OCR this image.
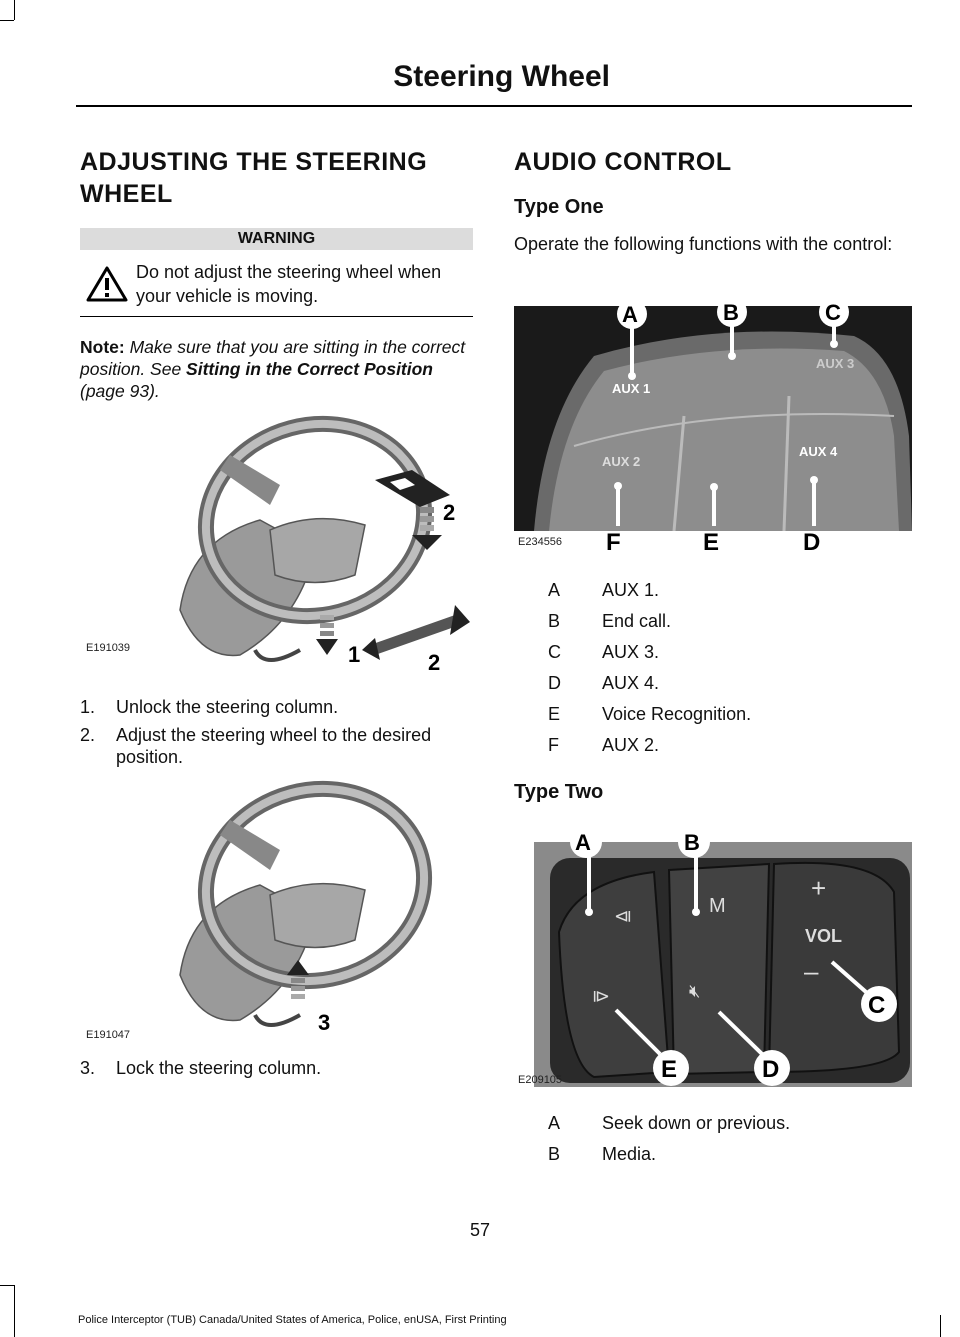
Steering Wheel
ADJUSTING THE STEERING
WHEEL
WARNING
Do not adjust the steering wheel when your vehicle is moving.
Note: Make sure that you are sitting in the correct position. See Sitting in the Correct Position (page 93).
2
1	2
E191039
1. Unlock the steering column.
2. Adjust the steering wheel to the desired position.
3
E191047
3. Lock the steering column.
AUDIO CONTROL
Type One
Operate the following functions with the control:
AUX 1
AUX 2
AUX 3
AUX 4
A	B	C
F	E	D
E234556
A AUX 1.
B End call.
C AUX 3.
D AUX 4.
E Voice Recognition.
F AUX 2.
Type Two
⧏
⧐
M
🔇︎
+
VOL
–
A	B
C
D
E
E209105
A Seek down or previous.
B Media.
57
Police Interceptor (TUB) Canada/United States of America, Police, enUSA, First Printing
